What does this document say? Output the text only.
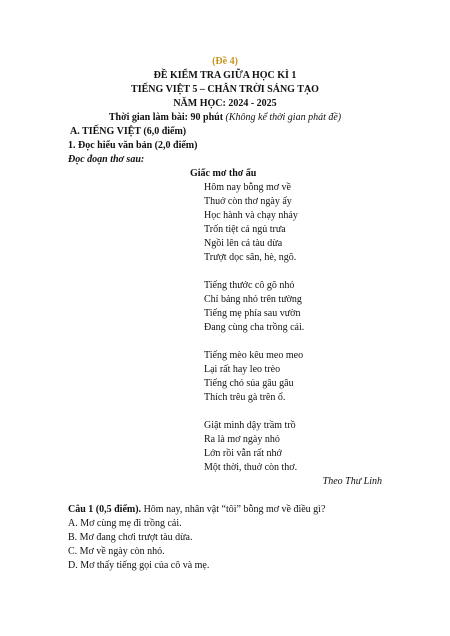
(Đề 4)
ĐỀ KIỂM TRA GIỮA HỌC KÌ 1
TIẾNG VIỆT 5 – CHÂN TRỜI SÁNG TẠO
NĂM HỌC: 2024 - 2025
Thời gian làm bài: 90 phút (Không kể thời gian phát đề)
A. TIẾNG VIỆT (6,0 điểm)
1. Đọc hiểu văn bản (2,0 điểm)
Đọc đoạn thơ sau:
Giấc mơ thơ ấu
Hôm nay bỗng mơ về
Thuở còn thơ ngày ấy
Học hành và chạy nhảy
Trốn tiệt cả ngủ trưa
Ngồi lên cả tàu dừa
Trượt dọc sân, hè, ngõ.
Tiếng thước cô gõ nhỏ
Chỉ bảng nhỏ trên tường
Tiếng mẹ phía sau vườn
Đang cùng cha trồng cải.
Tiếng mèo kêu meo meo
Lại rất hay leo trèo
Tiếng chó sủa gâu gâu
Thích trêu gà trên ổ.
Giật mình dậy trầm trồ
Ra là mơ ngày nhỏ
Lớn rồi vẫn rất nhớ
Một thời, thuở còn thơ.
Theo Thư Linh
Câu 1 (0,5 điểm). Hôm nay, nhân vật “tôi” bỗng mơ về điều gì?
A. Mơ cùng mẹ đi trồng cải.
B. Mơ đang chơi trượt tàu dừa.
C. Mơ về ngày còn nhỏ.
D. Mơ thấy tiếng gọi của cô và mẹ.
